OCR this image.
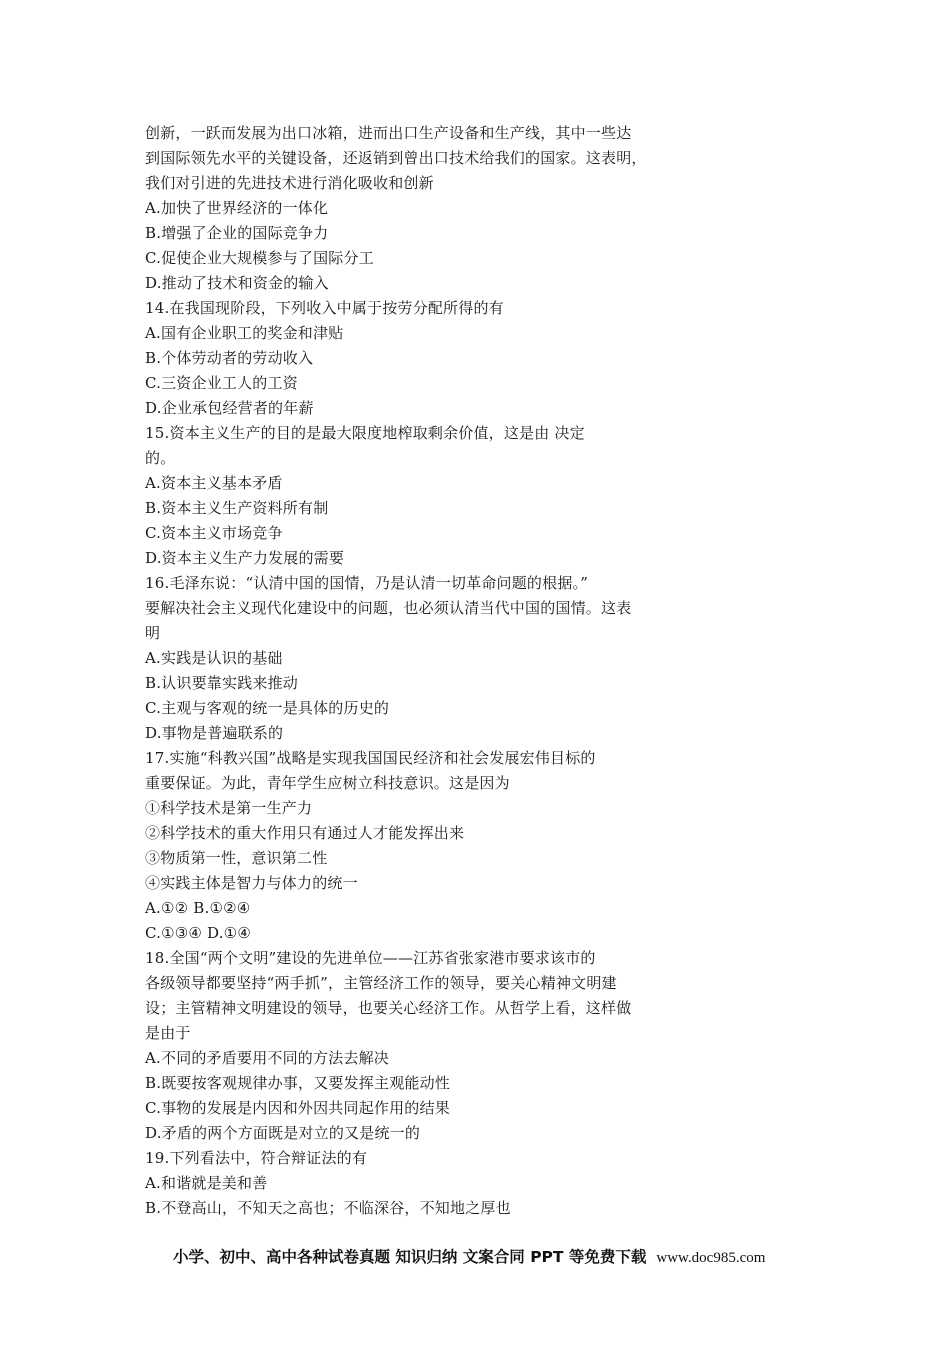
创新，一跃而发展为出口冰箱，进而出口生产设备和生产线，其中一些达
到国际领先水平的关键设备，还返销到曾出口技术给我们的国家。这表明，
我们对引进的先进技术进行消化吸收和创新
A.加快了世界经济的一体化
B.增强了企业的国际竞争力
C.促使企业大规模参与了国际分工
D.推动了技术和资金的输入
14.在我国现阶段，下列收入中属于按劳分配所得的有
A.国有企业职工的奖金和津贴
B.个体劳动者的劳动收入
C.三资企业工人的工资
D.企业承包经营者的年薪
15.资本主义生产的目的是最大限度地榨取剩余价值，这是由 决定
的。
A.资本主义基本矛盾
B.资本主义生产资料所有制
C.资本主义市场竞争
D.资本主义生产力发展的需要
16.毛泽东说：“认清中国的国情，乃是认清一切革命问题的根据。”
要解决社会主义现代化建设中的问题，也必须认清当代中国的国情。这表
明
A.实践是认识的基础
B.认识要靠实践来推动
C.主观与客观的统一是具体的历史的
D.事物是普遍联系的
17.实施“科教兴国”战略是实现我国国民经济和社会发展宏伟目标的
重要保证。为此，青年学生应树立科技意识。这是因为
①科学技术是第一生产力
②科学技术的重大作用只有通过人才能发挥出来
③物质第一性，意识第二性
④实践主体是智力与体力的统一
A.①② B.①②④
C.①③④ D.①④
18.全国“两个文明”建设的先进单位——江苏省张家港市要求该市的
各级领导都要坚持“两手抓”，主管经济工作的领导，要关心精神文明建
设；主管精神文明建设的领导，也要关心经济工作。从哲学上看，这样做
是由于
A.不同的矛盾要用不同的方法去解决
B.既要按客观规律办事，又要发挥主观能动性
C.事物的发展是内因和外因共同起作用的结果
D.矛盾的两个方面既是对立的又是统一的
19.下列看法中，符合辩证法的有
A.和谐就是美和善
B.不登高山，不知天之高也；不临深谷，不知地之厚也
小学、初中、高中各种试卷真题 知识归纳 文案合同 PPT 等免费下载 www.doc985.com
